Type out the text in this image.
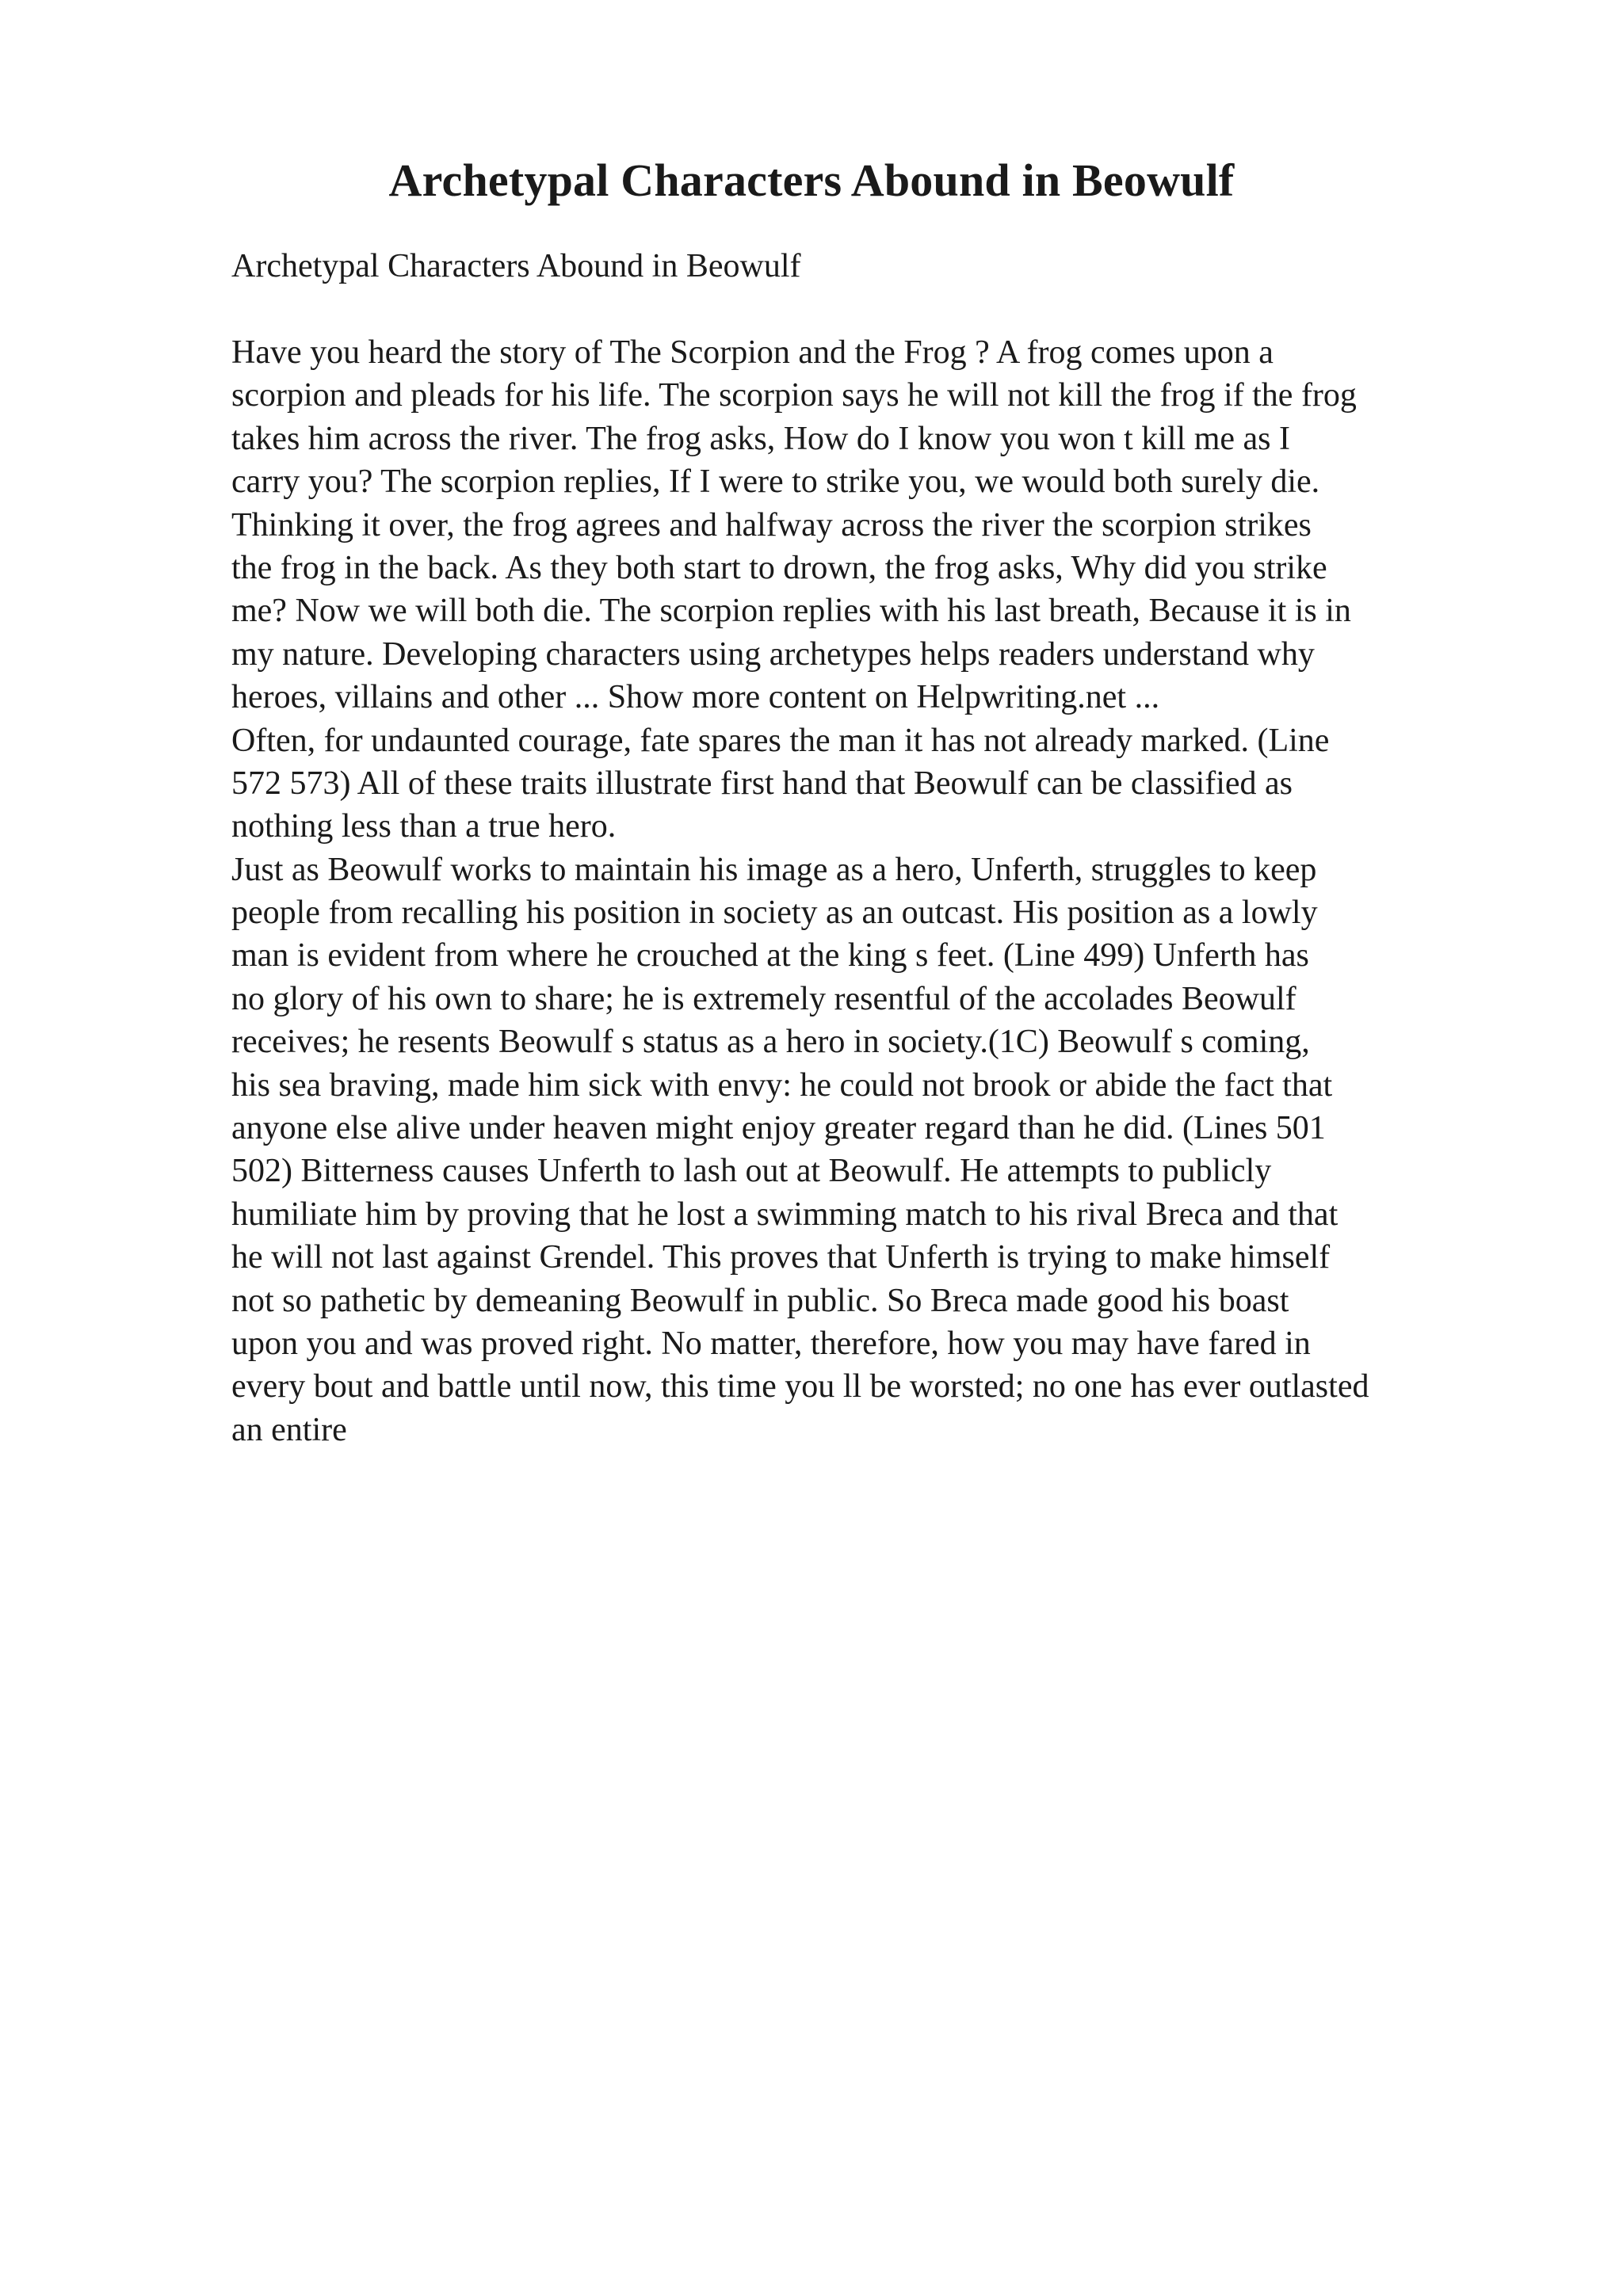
Archetypal Characters Abound in Beowulf

Archetypal Characters Abound in Beowulf

Have you heard the story of The Scorpion and the Frog ? A frog comes upon a
scorpion and pleads for his life. The scorpion says he will not kill the frog if the frog
takes him across the river. The frog asks, How do I know you won t kill me as I
carry you? The scorpion replies, If I were to strike you, we would both surely die.
Thinking it over, the frog agrees and halfway across the river the scorpion strikes
the frog in the back. As they both start to drown, the frog asks, Why did you strike
me? Now we will both die. The scorpion replies with his last breath, Because it is in
my nature. Developing characters using archetypes helps readers understand why
heroes, villains and other ... Show more content on Helpwriting.net ...
Often, for undaunted courage, fate spares the man it has not already marked. (Line
572 573) All of these traits illustrate first hand that Beowulf can be classified as
nothing less than a true hero.
Just as Beowulf works to maintain his image as a hero, Unferth, struggles to keep
people from recalling his position in society as an outcast. His position as a lowly
man is evident from where he crouched at the king s feet. (Line 499) Unferth has
no glory of his own to share; he is extremely resentful of the accolades Beowulf
receives; he resents Beowulf s status as a hero in society.(1C) Beowulf s coming,
his sea braving, made him sick with envy: he could not brook or abide the fact that
anyone else alive under heaven might enjoy greater regard than he did. (Lines 501
502) Bitterness causes Unferth to lash out at Beowulf. He attempts to publicly
humiliate him by proving that he lost a swimming match to his rival Breca and that
he will not last against Grendel. This proves that Unferth is trying to make himself
not so pathetic by demeaning Beowulf in public. So Breca made good his boast
upon you and was proved right. No matter, therefore, how you may have fared in
every bout and battle until now, this time you ll be worsted; no one has ever outlasted
an entire
